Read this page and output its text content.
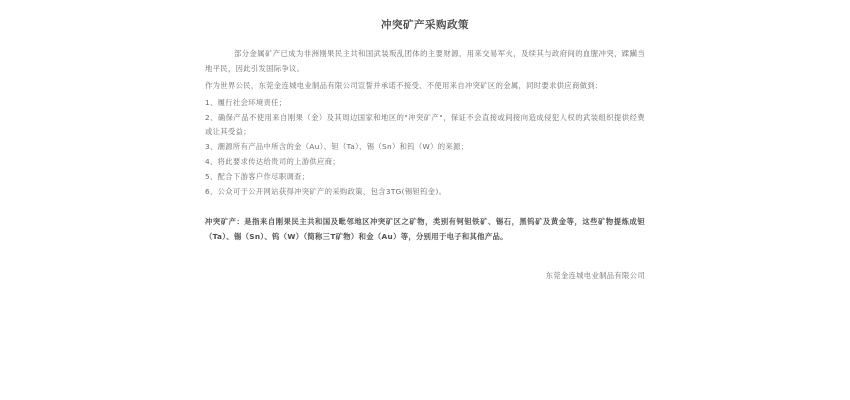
冲突矿产采购政策

部分金属矿产已成为非洲刚果民主共和国武装叛乱团体的主要财源，用来交易军火，及续其与政府间的血腥冲突，蹂躏当地平民，因此引发国际争议。

作为世界公民，东莞金连城电业制品有限公司宣誓并承诺不接受、不使用来自冲突矿区的金属，同时要求供应商做到：

1、履行社会环境责任；
2、确保产品不使用来自刚果（金）及其周边国家和地区的"冲突矿产"，保证不会直接或间接向造成侵犯人权的武装组织提供经费或让其受益；
3、潮源所有产品中所含的金（Au）、钽（Ta）、锡（Sn）和钨（W）的来源；
4、将此要求传达给贵司的上游供应商；
5、配合下游客户作尽职调查；
6、公众可于公开网站获得冲突矿产的采购政策，包含3TG(锡钽钨金)。

冲突矿产：是指来自刚果民主共和国及毗邻地区冲突矿区之矿物，类别有钶钽铁矿、锡石，黑钨矿及黄金等，这些矿物提炼成钽（Ta）、锡（Sn）、钨（W）（简称三T矿物）和金（Au）等，分别用于电子和其他产品。

东莞金连城电业制品有限公司
